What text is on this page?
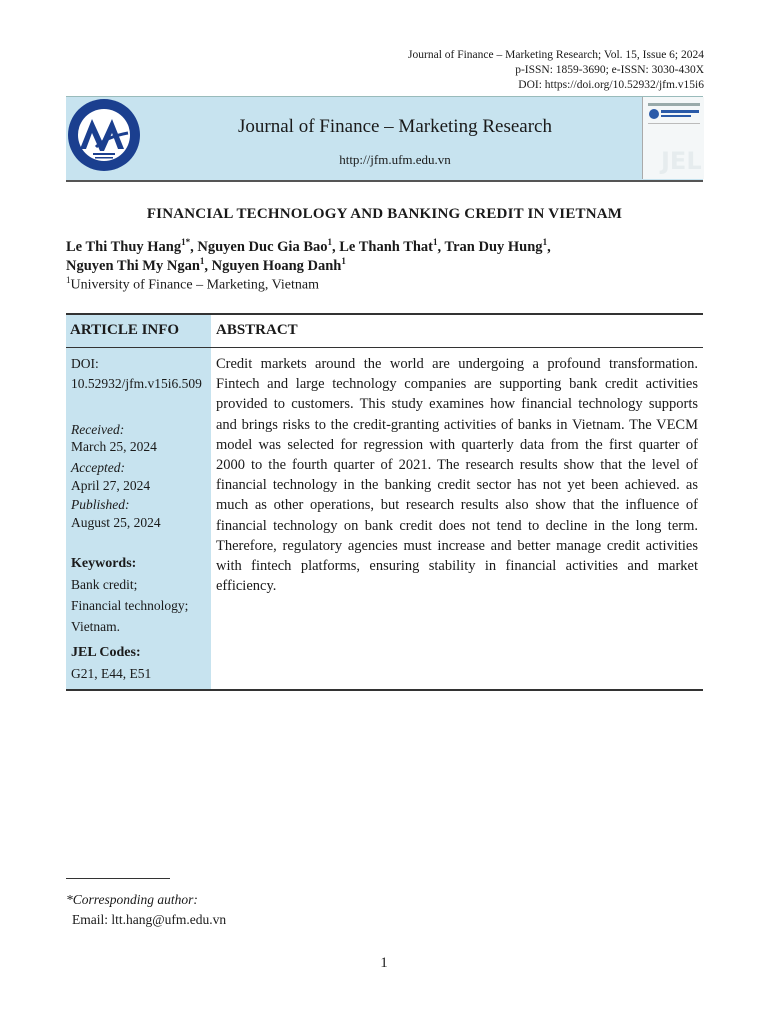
Journal of Finance – Marketing Research; Vol. 15, Issue 6; 2024
p-ISSN: 1859-3690; e-ISSN: 3030-430X
DOI: https://doi.org/10.52932/jfm.v15i6
Journal of Finance – Marketing Research
http://jfm.ufm.edu.vn	JEL
FINANCIAL TECHNOLOGY AND BANKING CREDIT IN VIETNAM
Le Thi Thuy Hang$^{1*}$, Nguyen Duc Gia Bao$^1$, Le Thanh That$^1$, Tran Duy Hung$^1$,
Nguyen Thi My Ngan$^1$, Nguyen Hoang Danh$^1$
$^1$University of Finance – Marketing, Vietnam
ARTICLE INFO ABSTRACT
DOI:
10.52932/jfm.v15i6.509
Received:
March 25, 2024
Accepted:
April 27, 2024
Published:
August 25, 2024
Keywords:
Bank credit;
Financial technology;
Vietnam.
JEL Codes:
G21, E44, E51
Credit markets around the world are undergoing a profound transformation. Fintech and large technology companies are supporting bank credit activities provided to customers. This study examines how financial technology supports and brings risks to the credit-granting activities of banks in Vietnam. The VECM model was selected for regression with quarterly data from the first quarter of 2000 to the fourth quarter of 2021. The research results show that the level of financial technology in the banking credit sector has not yet been achieved. as much as other operations, but research results also show that the influence of financial technology on bank credit does not tend to decline in the long term. Therefore, regulatory agencies must increase and better manage credit activities with fintech platforms, ensuring stability in financial activities and market efficiency.
*Corresponding author:
Email: ltt.hang@ufm.edu.vn
1
